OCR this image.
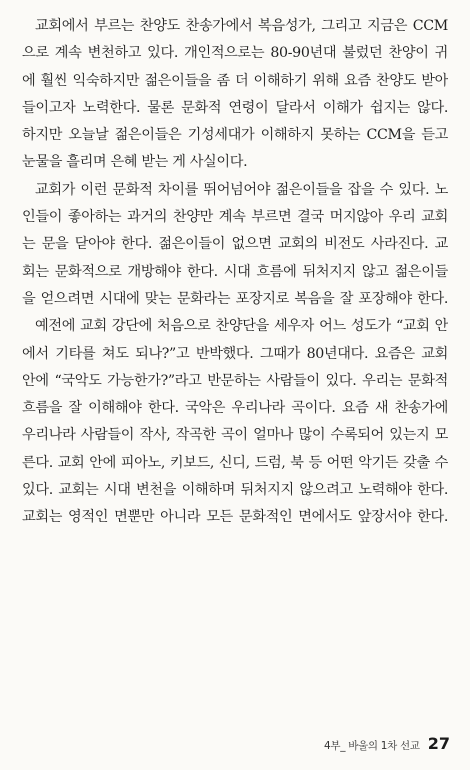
교회에서 부르는 찬양도 찬송가에서 복음성가, 그리고 지금은 CCM
으로 계속 변천하고 있다. 개인적으로는 80-90년대 불렀던 찬양이 귀
에 훨씬 익숙하지만 젊은이들을 좀 더 이해하기 위해 요즘 찬양도 받아
들이고자 노력한다. 물론 문화적 연령이 달라서 이해가 쉽지는 않다.
하지만 오늘날 젊은이들은 기성세대가 이해하지 못하는 CCM을 듣고
눈물을 흘리며 은혜 받는 게 사실이다.
교회가 이런 문화적 차이를 뛰어넘어야 젊은이들을 잡을 수 있다. 노
인들이 좋아하는 과거의 찬양만 계속 부르면 결국 머지않아 우리 교회
는 문을 닫아야 한다. 젊은이들이 없으면 교회의 비전도 사라진다. 교
회는 문화적으로 개방해야 한다. 시대 흐름에 뒤처지지 않고 젊은이들
을 얻으려면 시대에 맞는 문화라는 포장지로 복음을 잘 포장해야 한다.
예전에 교회 강단에 처음으로 찬양단을 세우자 어느 성도가 “교회 안
에서 기타를 쳐도 되나?”고 반박했다. 그때가 80년대다. 요즘은 교회
안에 “국악도 가능한가?”라고 반문하는 사람들이 있다. 우리는 문화적
흐름을 잘 이해해야 한다. 국악은 우리나라 곡이다. 요즘 새 찬송가에
우리나라 사람들이 작사, 작곡한 곡이 얼마나 많이 수록되어 있는지 모
른다. 교회 안에 피아노, 키보드, 신디, 드럼, 북 등 어떤 악기든 갖출 수
있다. 교회는 시대 변천을 이해하며 뒤처지지 않으려고 노력해야 한다.
교회는 영적인 면뿐만 아니라 모든 문화적인 면에서도 앞장서야 한다.
4부_ 바울의 1차 선교 27
